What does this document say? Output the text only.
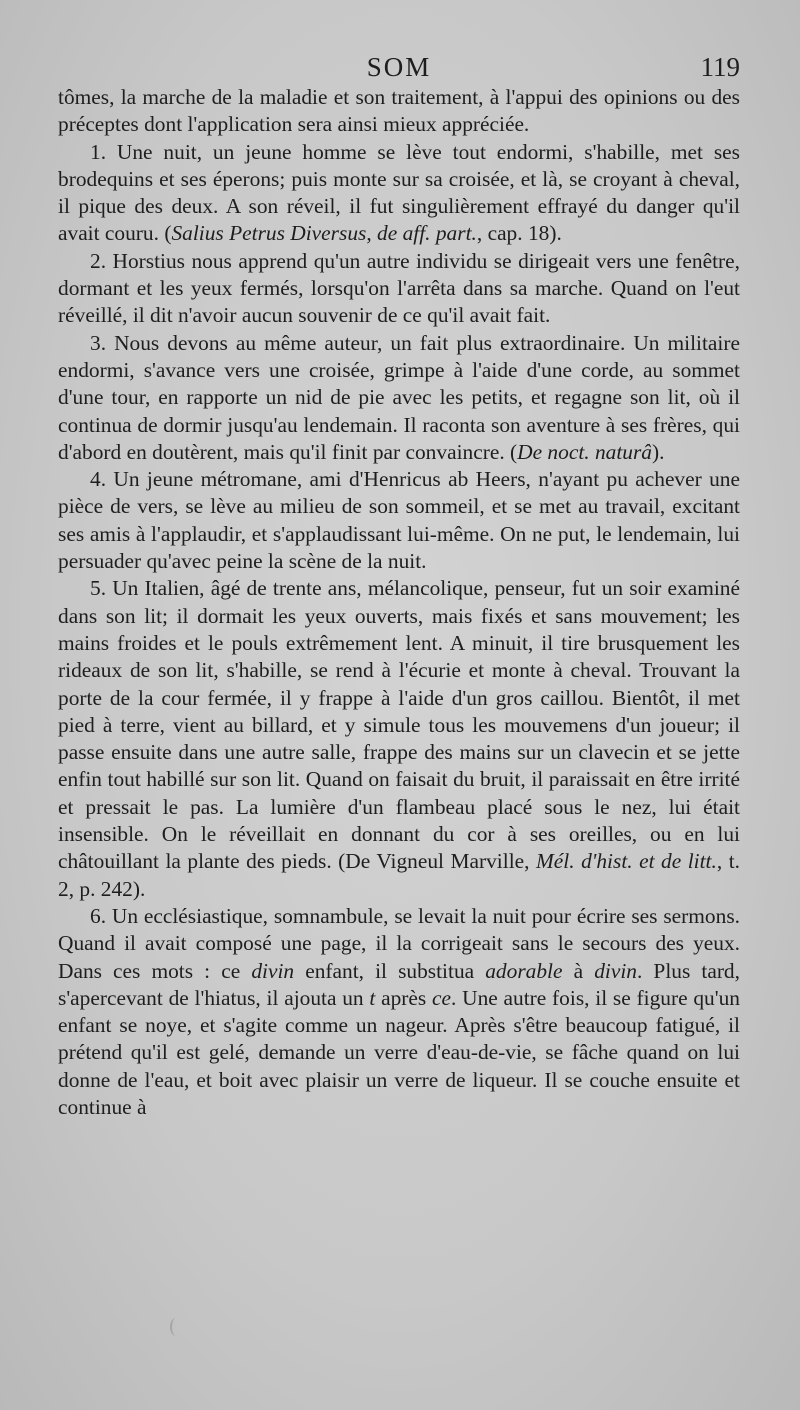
SOM	119

tômes, la marche de la maladie et son traitement, à l'appui des opinions ou des préceptes dont l'application sera ainsi mieux appréciée.

1. Une nuit, un jeune homme se lève tout endormi, s'habille, met ses brodequins et ses éperons; puis monte sur sa croisée, et là, se croyant à cheval, il pique des deux. A son réveil, il fut singulièrement effrayé du danger qu'il avait couru. (Salius Petrus Diversus, de aff. part., cap. 18).

2. Horstius nous apprend qu'un autre individu se dirigeait vers une fenêtre, dormant et les yeux fermés, lorsqu'on l'arrêta dans sa marche. Quand on l'eut réveillé, il dit n'avoir aucun souvenir de ce qu'il avait fait.

3. Nous devons au même auteur, un fait plus extraordinaire. Un militaire endormi, s'avance vers une croisée, grimpe à l'aide d'une corde, au sommet d'une tour, en rapporte un nid de pie avec les petits, et regagne son lit, où il continua de dormir jusqu'au lendemain. Il raconta son aventure à ses frères, qui d'abord en doutèrent, mais qu'il finit par convaincre. (De noct. naturâ).

4. Un jeune métromane, ami d'Henricus ab Heers, n'ayant pu achever une pièce de vers, se lève au milieu de son sommeil, et se met au travail, excitant ses amis à l'applaudir, et s'applaudissant lui-même. On ne put, le lendemain, lui persuader qu'avec peine la scène de la nuit.

5. Un Italien, âgé de trente ans, mélancolique, penseur, fut un soir examiné dans son lit; il dormait les yeux ouverts, mais fixés et sans mouvement; les mains froides et le pouls extrêmement lent. A minuit, il tire brusquement les rideaux de son lit, s'habille, se rend à l'écurie et monte à cheval. Trouvant la porte de la cour fermée, il y frappe à l'aide d'un gros caillou. Bientôt, il met pied à terre, vient au billard, et y simule tous les mouvemens d'un joueur; il passe ensuite dans une autre salle, frappe des mains sur un clavecin et se jette enfin tout habillé sur son lit. Quand on faisait du bruit, il paraissait en être irrité et pressait le pas. La lumière d'un flambeau placé sous le nez, lui était insensible. On le réveillait en donnant du cor à ses oreilles, ou en lui châtouillant la plante des pieds. (De Vigneul Marville, Mél. d'hist. et de litt., t. 2, p. 242).

6. Un ecclésiastique, somnambule, se levait la nuit pour écrire ses sermons. Quand il avait composé une page, il la corrigeait sans le secours des yeux. Dans ces mots : ce divin enfant, il substitua adorable à divin. Plus tard, s'apercevant de l'hiatus, il ajouta un t après ce. Une autre fois, il se figure qu'un enfant se noye, et s'agite comme un nageur. Après s'être beaucoup fatigué, il prétend qu'il est gelé, demande un verre d'eau-de-vie, se fâche quand on lui donne de l'eau, et boit avec plaisir un verre de liqueur. Il se couche ensuite et continue à
